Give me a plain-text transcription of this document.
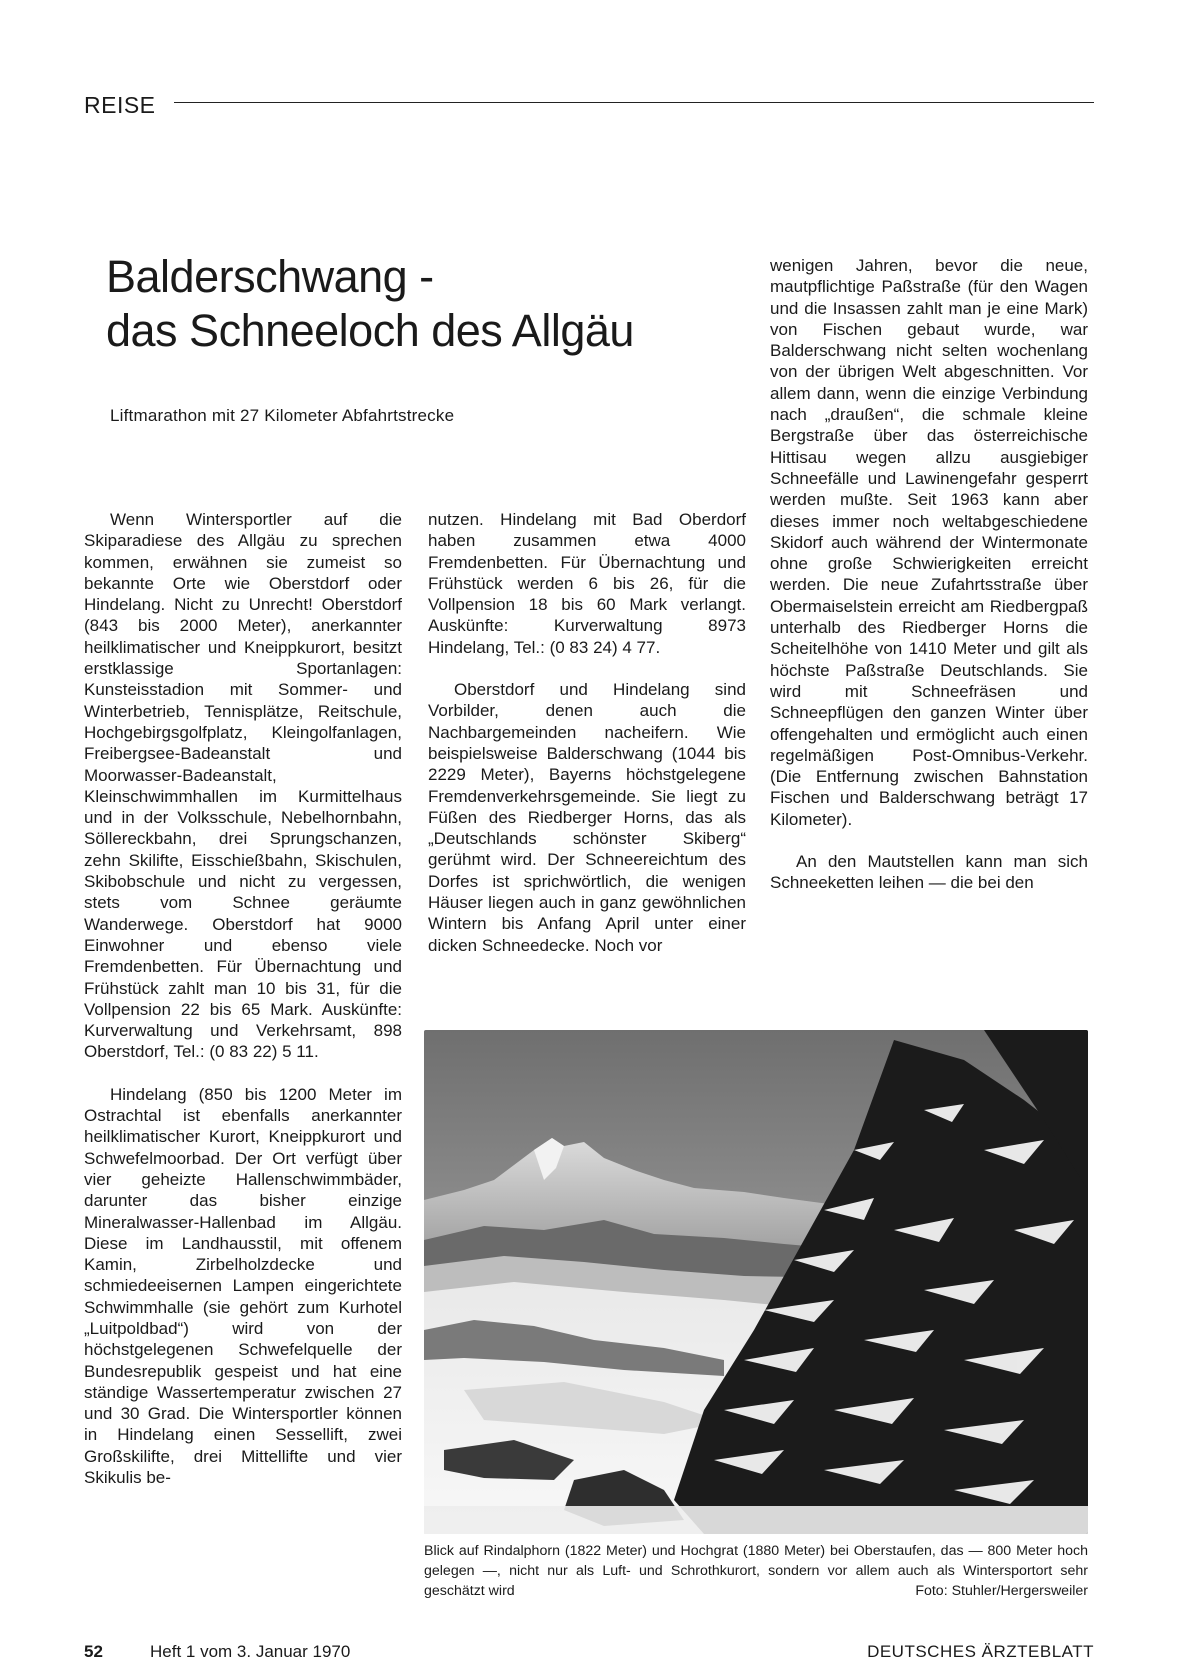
REISE
Balderschwang -
das Schneeloch des Allgäu
Liftmarathon mit 27 Kilometer Abfahrtstrecke

Wenn Wintersportler auf die Skiparadiese des Allgäu zu sprechen kommen, erwähnen sie zumeist so bekannte Orte wie Oberstdorf oder Hindelang. Nicht zu Unrecht! Oberstdorf (843 bis 2000 Meter), anerkannter heilklimatischer und Kneippkurort, besitzt erstklassige Sportanlagen: Kunsteisstadion mit Sommer- und Winterbetrieb, Tennisplätze, Reitschule, Hochgebirgsgolfplatz, Kleingolfanlagen, Freibergsee-Badeanstalt und Moorwasser-Badeanstalt, Kleinschwimmhallen im Kurmittelhaus und in der Volksschule, Nebelhornbahn, Söllereckbahn, drei Sprungschanzen, zehn Skilifte, Eisschießbahn, Skischulen, Skibobschule und nicht zu vergessen, stets vom Schnee geräumte Wanderwege. Oberstdorf hat 9000 Einwohner und ebenso viele Fremdenbetten. Für Übernachtung und Frühstück zahlt man 10 bis 31, für die Vollpension 22 bis 65 Mark. Auskünfte: Kurverwaltung und Verkehrsamt, 898 Oberstdorf, Tel.: (0 83 22) 5 11.

Hindelang (850 bis 1200 Meter im Ostrachtal ist ebenfalls anerkannter heilklimatischer Kurort, Kneippkurort und Schwefelmoorbad. Der Ort verfügt über vier geheizte Hallenschwimmbäder, darunter das bisher einzige Mineralwasser-Hallenbad im Allgäu. Diese im Landhausstil, mit offenem Kamin, Zirbelholzdecke und schmiedeeisernen Lampen eingerichtete Schwimmhalle (sie gehört zum Kurhotel „Luitpoldbad“) wird von der höchstgelegenen Schwefelquelle der Bundesrepublik gespeist und hat eine ständige Wassertemperatur zwischen 27 und 30 Grad. Die Wintersportler können in Hindelang einen Sessellift, zwei Großskilifte, drei Mittellifte und vier Skikulis be-

nutzen. Hindelang mit Bad Oberdorf haben zusammen etwa 4000 Fremdenbetten. Für Übernachtung und Frühstück werden 6 bis 26, für die Vollpension 18 bis 60 Mark verlangt. Auskünfte: Kurverwaltung 8973 Hindelang, Tel.: (0 83 24) 4 77.

Oberstdorf und Hindelang sind Vorbilder, denen auch die Nachbargemeinden nacheifern. Wie beispielsweise Balderschwang (1044 bis 2229 Meter), Bayerns höchstgelegene Fremdenverkehrsgemeinde. Sie liegt zu Füßen des Riedberger Horns, das als „Deutschlands schönster Skiberg“ gerühmt wird. Der Schneereichtum des Dorfes ist sprichwörtlich, die wenigen Häuser liegen auch in ganz gewöhnlichen Wintern bis Anfang April unter einer dicken Schneedecke. Noch vor

wenigen Jahren, bevor die neue, mautpflichtige Paßstraße (für den Wagen und die Insassen zahlt man je eine Mark) von Fischen gebaut wurde, war Balderschwang nicht selten wochenlang von der übrigen Welt abgeschnitten. Vor allem dann, wenn die einzige Verbindung nach „draußen“, die schmale kleine Bergstraße über das österreichische Hittisau wegen allzu ausgiebiger Schneefälle und Lawinengefahr gesperrt werden mußte. Seit 1963 kann aber dieses immer noch weltabgeschiedene Skidorf auch während der Wintermonate ohne große Schwierigkeiten erreicht werden. Die neue Zufahrtsstraße über Obermaiselstein erreicht am Riedbergpaß unterhalb des Riedberger Horns die Scheitelhöhe von 1410 Meter und gilt als höchste Paßstraße Deutschlands. Sie wird mit Schneefräsen und Schneepflügen den ganzen Winter über offengehalten und ermöglicht auch einen regelmäßigen Post-Omnibus-Verkehr. (Die Entfernung zwischen Bahnstation Fischen und Balderschwang beträgt 17 Kilometer).

An den Mautstellen kann man sich Schneeketten leihen — die bei den

Blick auf Rindalphorn (1822 Meter) und Hochgrat (1880 Meter) bei Oberstaufen, das — 800 Meter hoch gelegen —, nicht nur als Luft- und Schrothkurort, sondern vor allem auch als Wintersportort sehr geschätzt wird	Foto: Stuhler/Hergersweiler
52	Heft 1 vom 3. Januar 1970	DEUTSCHES ÄRZTEBLATT
